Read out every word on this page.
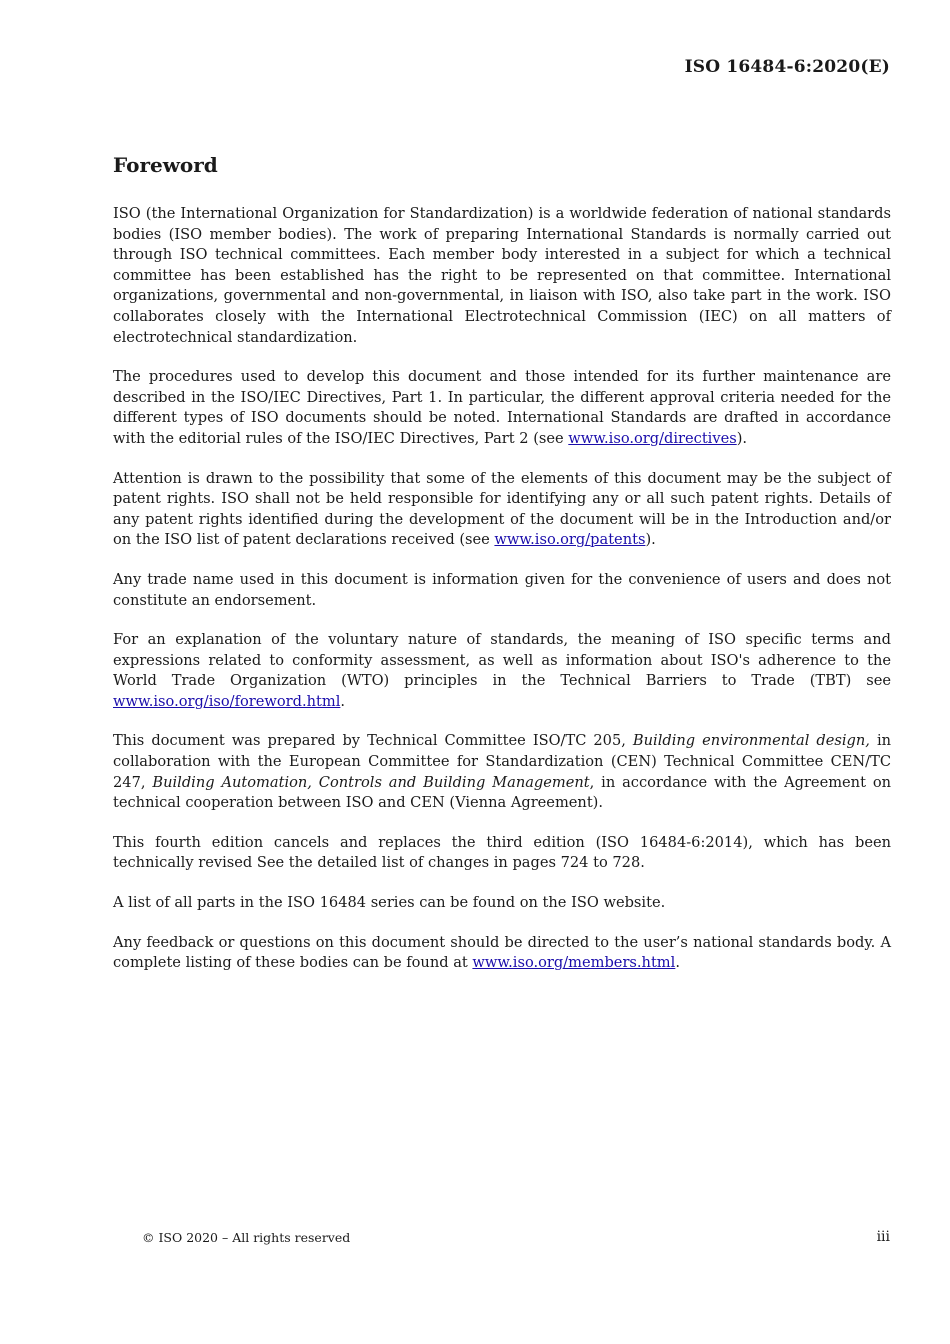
ISO 16484-6:2020(E)
Foreword

ISO (the International Organization for Standardization) is a worldwide federation of national standards bodies (ISO member bodies). The work of preparing International Standards is normally carried out through ISO technical committees. Each member body interested in a subject for which a technical committee has been established has the right to be represented on that committee. International organizations, governmental and non-governmental, in liaison with ISO, also take part in the work. ISO collaborates closely with the International Electrotechnical Commission (IEC) on all matters of electrotechnical standardization.

The procedures used to develop this document and those intended for its further maintenance are described in the ISO/IEC Directives, Part 1. In particular, the different approval criteria needed for the different types of ISO documents should be noted. International Standards are drafted in accordance with the editorial rules of the ISO/IEC Directives, Part 2 (see www.iso.org/directives).

Attention is drawn to the possibility that some of the elements of this document may be the subject of patent rights. ISO shall not be held responsible for identifying any or all such patent rights. Details of any patent rights identified during the development of the document will be in the Introduction and/or on the ISO list of patent declarations received (see www.iso.org/patents).

Any trade name used in this document is information given for the convenience of users and does not constitute an endorsement.

For an explanation of the voluntary nature of standards, the meaning of ISO specific terms and expressions related to conformity assessment, as well as information about ISO's adherence to the World Trade Organization (WTO) principles in the Technical Barriers to Trade (TBT) see www.iso.org/iso/foreword.html.

This document was prepared by Technical Committee ISO/TC 205, Building environmental design, in collaboration with the European Committee for Standardization (CEN) Technical Committee CEN/TC 247, Building Automation, Controls and Building Management, in accordance with the Agreement on technical cooperation between ISO and CEN (Vienna Agreement).

This fourth edition cancels and replaces the third edition (ISO 16484-6:2014), which has been technically revised See the detailed list of changes in pages 724 to 728.

A list of all parts in the ISO 16484 series can be found on the ISO website.

Any feedback or questions on this document should be directed to the user’s national standards body. A complete listing of these bodies can be found at www.iso.org/members.html.

© ISO 2020 – All rights reserved	iii
